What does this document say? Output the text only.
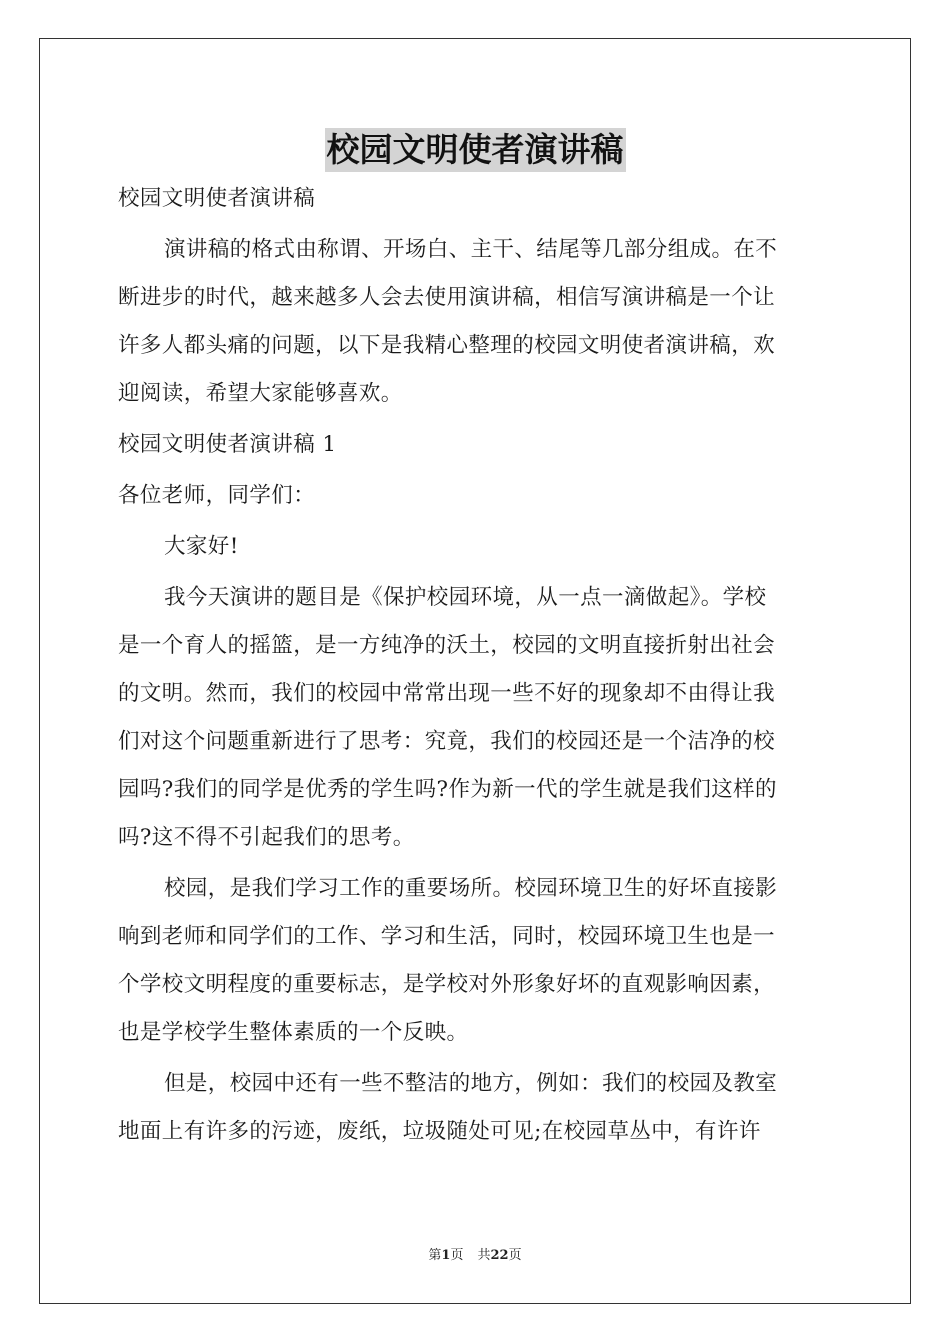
校园文明使者演讲稿
校园文明使者演讲稿
演讲稿的格式由称谓、开场白、主干、结尾等几部分组成。在不
断进步的时代，越来越多人会去使用演讲稿，相信写演讲稿是一个让
许多人都头痛的问题，以下是我精心整理的校园文明使者演讲稿，欢
迎阅读，希望大家能够喜欢。
校园文明使者演讲稿 1
各位老师，同学们：
大家好!
我今天演讲的题目是《保护校园环境，从一点一滴做起》。学校
是一个育人的摇篮，是一方纯净的沃土，校园的文明直接折射出社会
的文明。然而，我们的校园中常常出现一些不好的现象却不由得让我
们对这个问题重新进行了思考：究竟，我们的校园还是一个洁净的校
园吗?我们的同学是优秀的学生吗?作为新一代的学生就是我们这样的
吗?这不得不引起我们的思考。
校园，是我们学习工作的重要场所。校园环境卫生的好坏直接影
响到老师和同学们的工作、学习和生活，同时，校园环境卫生也是一
个学校文明程度的重要标志，是学校对外形象好坏的直观影响因素，
也是学校学生整体素质的一个反映。
但是，校园中还有一些不整洁的地方，例如：我们的校园及教室
地面上有许多的污迹，废纸，垃圾随处可见;在校园草丛中，有许许
第1页 共22页
